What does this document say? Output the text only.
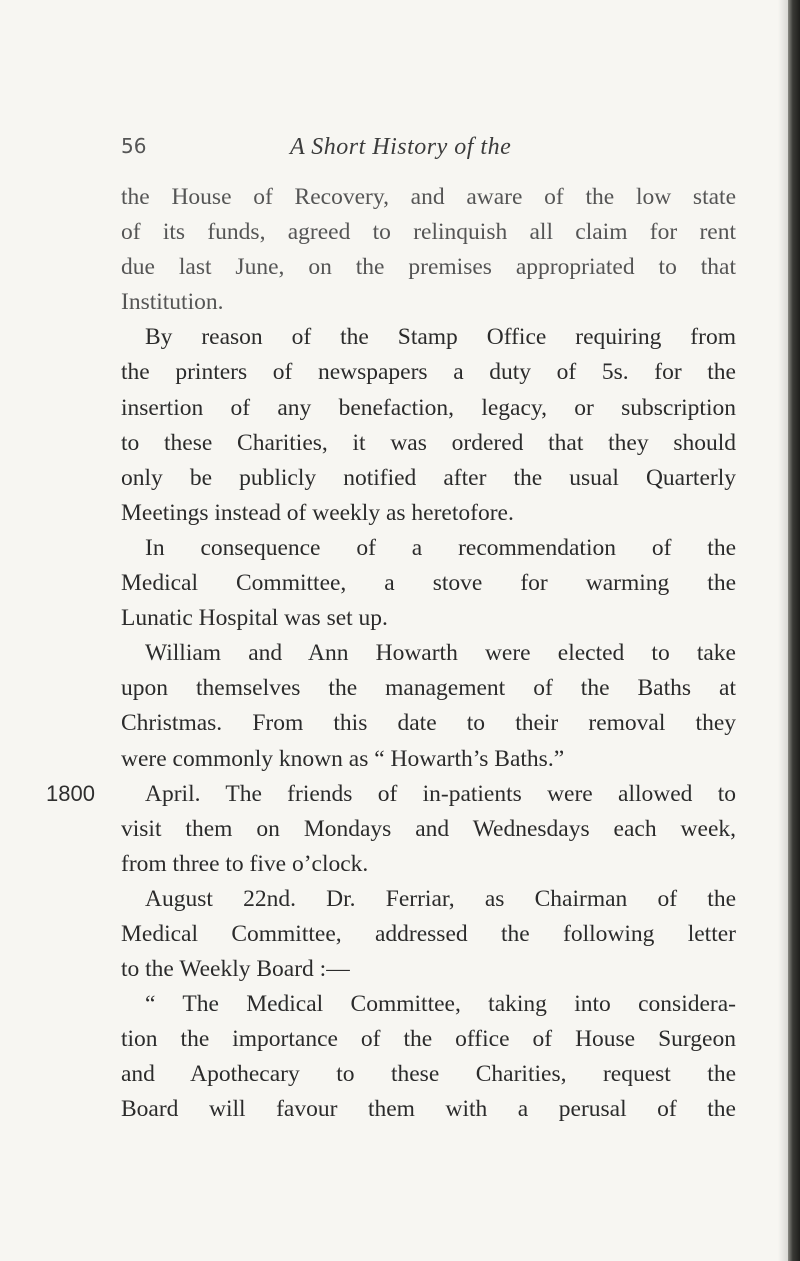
56	A Short History of the
the House of Recovery, and aware of the low state
of its funds, agreed to relinquish all claim for rent
due last June, on the premises appropriated to that
Institution.
By reason of the Stamp Office requiring from
the printers of newspapers a duty of 5s. for the
insertion of any benefaction, legacy, or subscription
to these Charities, it was ordered that they should
only be publicly notified after the usual Quarterly
Meetings instead of weekly as heretofore.
In consequence of a recommendation of the
Medical Committee, a stove for warming the
Lunatic Hospital was set up.
William and Ann Howarth were elected to take
upon themselves the management of the Baths at
Christmas. From this date to their removal they
were commonly known as “ Howarth’s Baths.”
April. The friends of in-patients were allowed to
visit them on Mondays and Wednesdays each week,
from three to five o’clock.
August 22nd. Dr. Ferriar, as Chairman of the
Medical Committee, addressed the following letter
to the Weekly Board :—
“ The Medical Committee, taking into considera-
tion the importance of the office of House Surgeon
and Apothecary to these Charities, request the
Board will favour them with a perusal of the
1800
